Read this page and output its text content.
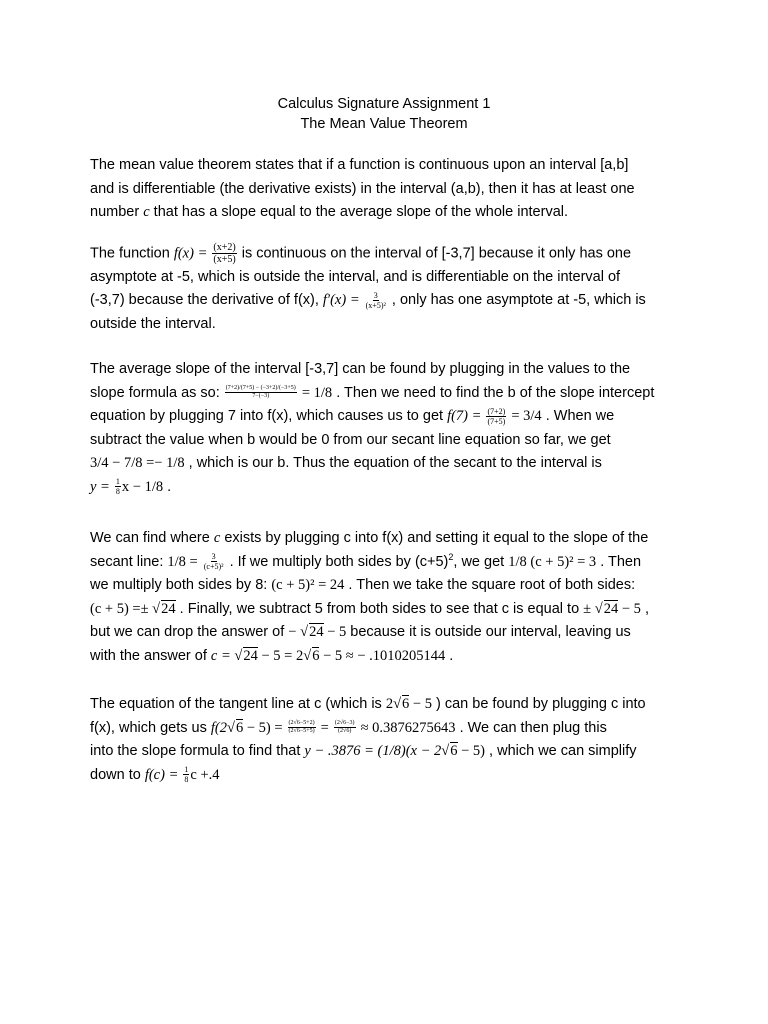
Calculus Signature Assignment 1
The Mean Value Theorem
The mean value theorem states that if a function is continuous upon an interval [a,b]
and is differentiable (the derivative exists) in the interval (a,b), then it has at least one
number c that has a slope equal to the average slope of the whole interval.
The function $f(x) = \frac{(x+2)}{(x+5)}$ is continuous on the interval of [-3,7] because it only has one
asymptote at -5, which is outside the interval, and is differentiable on the interval of
(-3,7) because the derivative of f(x), $f'(x) = \frac{3}{\text{(x+5)²}}$ , only has one asymptote at -5, which is
outside the interval.
The average slope of the interval [-3,7] can be found by plugging in the values to the
slope formula as so: $\frac{(7+2)/(7+5) - (-3+2)/(-3+5)}{7-(-3)} = 1/8$ . Then we need to find the b of the slope intercept
equation by plugging 7 into f(x), which causes us to get $f(7) = \frac{(7+2)}{(7+5)} = 3/4$ . When we
subtract the value when b would be 0 from our secant line equation so far, we get
3/4 − 7/8 =− 1/8 , which is our b. Thus the equation of the secant to the interval is
$y = \frac{1}{8}$ x − 1/8 .
We can find where c exists by plugging c into f(x) and setting it equal to the slope of the
secant line: $1/8 = \frac{3}{\text{(c+5)²}}$ . If we multiply both sides by $(c+5)^2$, we get 1/8 (c + 5)² = 3 . Then
we multiply both sides by 8: (c + 5)² = 24 . Then we take the square root of both sides:
(c + 5) =± √24 . Finally, we subtract 5 from both sides to see that c is equal to ± √24 − 5 ,
but we can drop the answer of − √24 − 5 because it is outside our interval, leaving us
with the answer of c = √24 − 5 = 2√6 − 5 ≈ − .1010205144 .
The equation of the tangent line at c (which is 2√6 − 5 ) can be found by plugging c into
f(x), which gets us $f(2√6 - 5) = \frac{(2√6-5+2)}{(2√6-5+5)} = \frac{(2√6-3)}{(2√6)} \approx 0.3876275643$ . We can then plug this
into the slope formula to find that y − .3876 = (1/8)(x − 2√6 − 5) , which we can simplify
down to $f(c) = \frac{1}{8}$ c +.4
